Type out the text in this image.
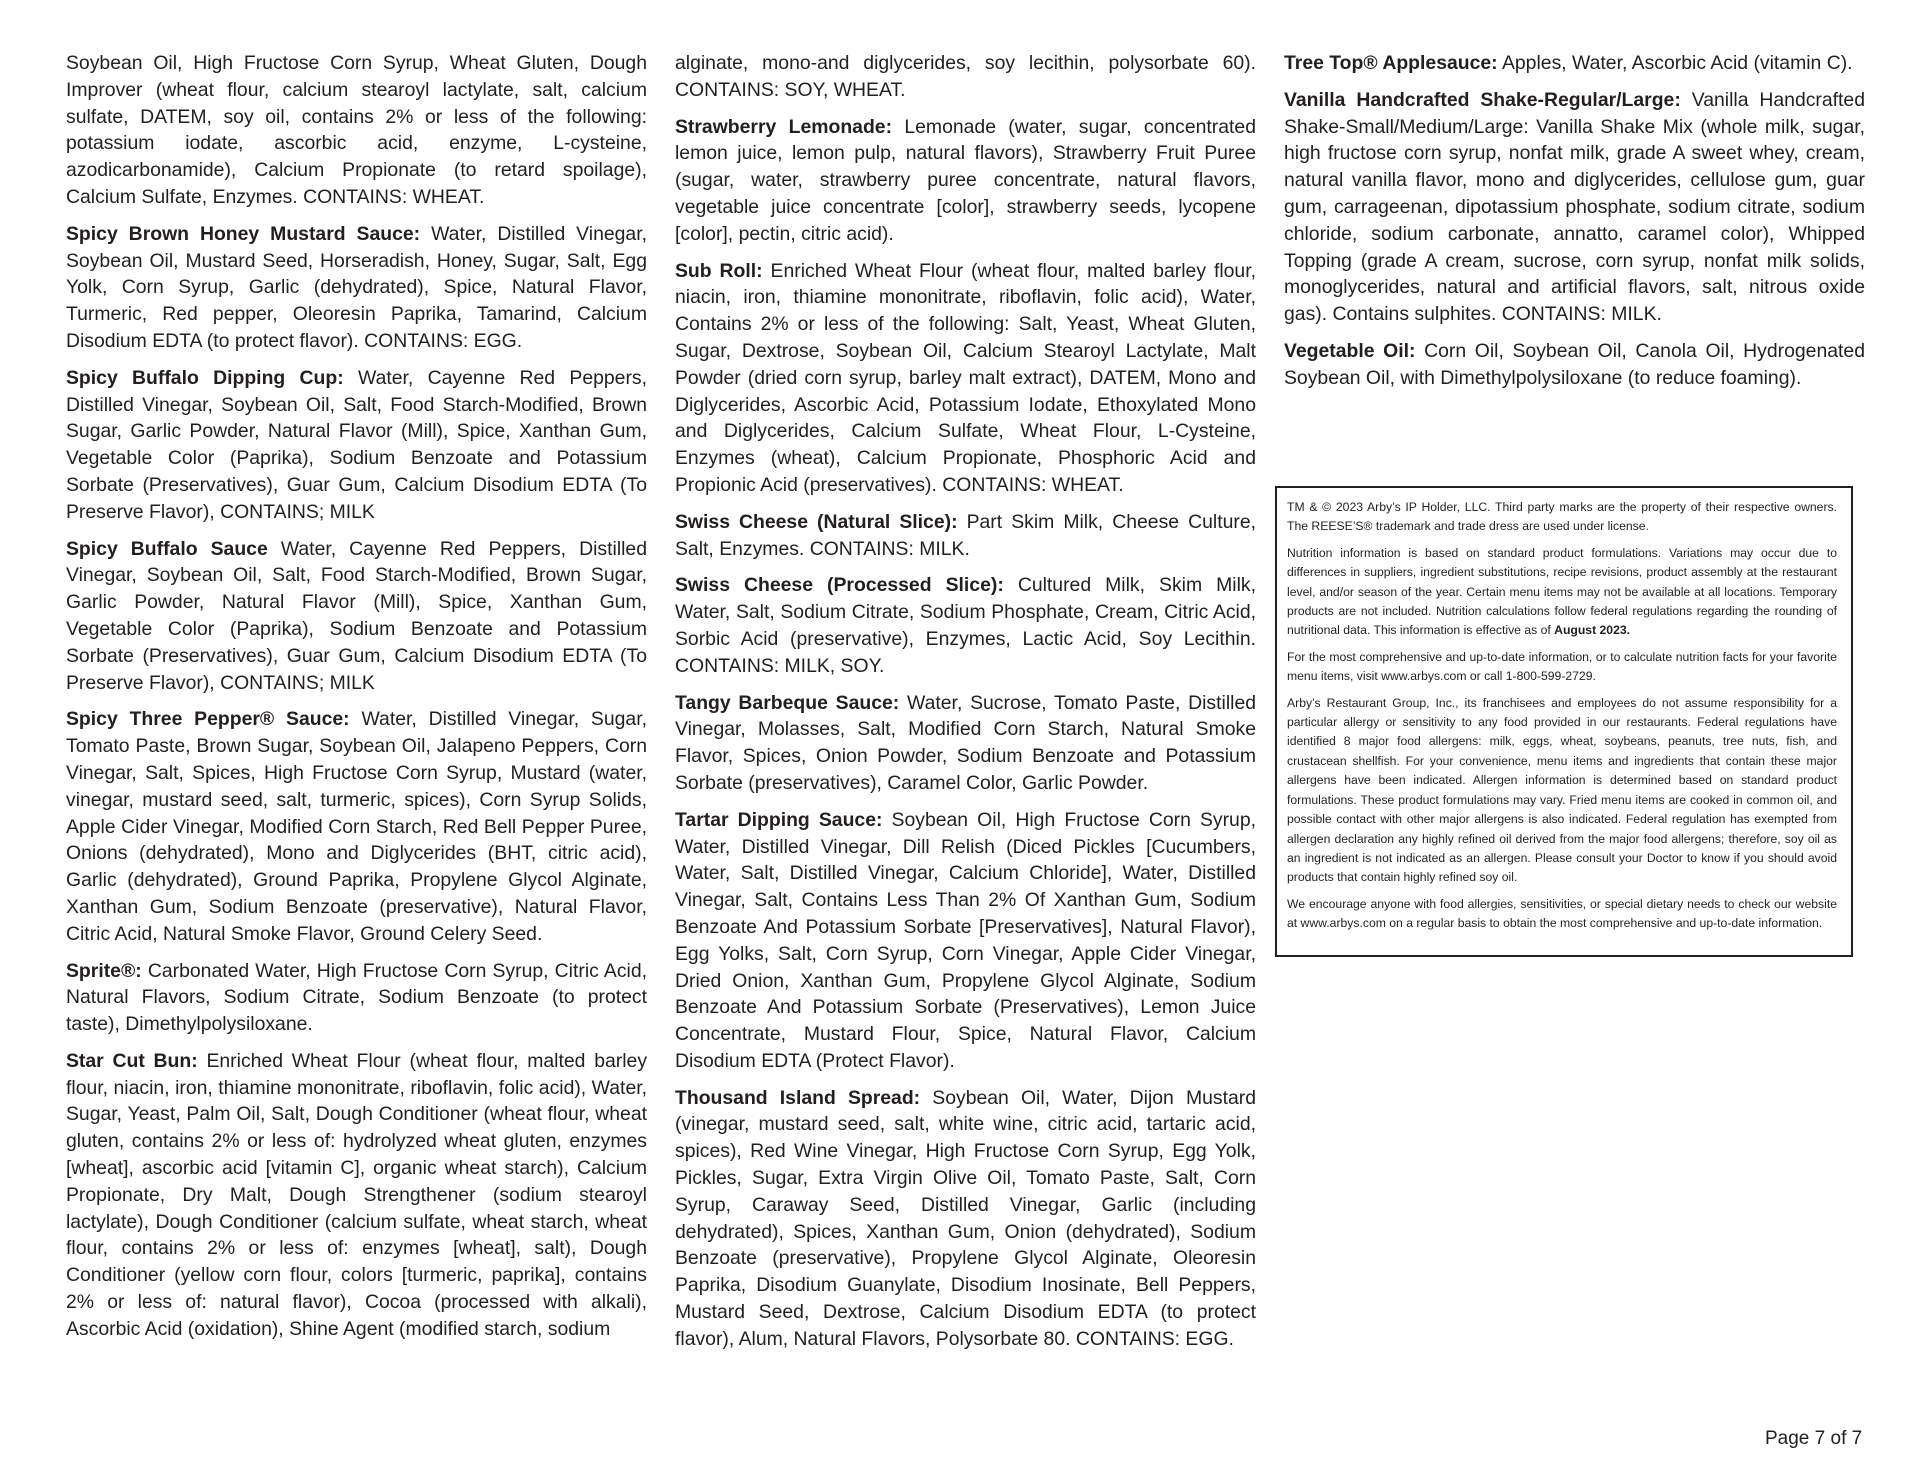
Soybean Oil, High Fructose Corn Syrup, Wheat Gluten, Dough Improver (wheat flour, calcium stearoyl lactylate, salt, calcium sulfate, DATEM, soy oil, contains 2% or less of the following: potassium iodate, ascorbic acid, enzyme, L-cysteine, azodicarbonamide), Calcium Propionate (to retard spoilage), Calcium Sulfate, Enzymes. CONTAINS: WHEAT.

Spicy Brown Honey Mustard Sauce: Water, Distilled Vinegar, Soybean Oil, Mustard Seed, Horseradish, Honey, Sugar, Salt, Egg Yolk, Corn Syrup, Garlic (dehydrated), Spice, Natural Flavor, Turmeric, Red pepper, Oleoresin Paprika, Tamarind, Calcium Disodium EDTA (to protect flavor). CONTAINS: EGG.

Spicy Buffalo Dipping Cup: Water, Cayenne Red Peppers, Distilled Vinegar, Soybean Oil, Salt, Food Starch-Modified, Brown Sugar, Garlic Powder, Natural Flavor (Mill), Spice, Xanthan Gum, Vegetable Color (Paprika), Sodium Benzoate and Potassium Sorbate (Preservatives), Guar Gum, Calcium Disodium EDTA (To Preserve Flavor), CONTAINS; MILK

Spicy Buffalo Sauce Water, Cayenne Red Peppers, Distilled Vinegar, Soybean Oil, Salt, Food Starch-Modified, Brown Sugar, Garlic Powder, Natural Flavor (Mill), Spice, Xanthan Gum, Vegetable Color (Paprika), Sodium Benzoate and Potassium Sorbate (Preservatives), Guar Gum, Calcium Disodium EDTA (To Preserve Flavor), CONTAINS; MILK

Spicy Three Pepper® Sauce: Water, Distilled Vinegar, Sugar, Tomato Paste, Brown Sugar, Soybean Oil, Jalapeno Peppers, Corn Vinegar, Salt, Spices, High Fructose Corn Syrup, Mustard (water, vinegar, mustard seed, salt, turmeric, spices), Corn Syrup Solids, Apple Cider Vinegar, Modified Corn Starch, Red Bell Pepper Puree, Onions (dehydrated), Mono and Diglycerides (BHT, citric acid), Garlic (dehydrated), Ground Paprika, Propylene Glycol Alginate, Xanthan Gum, Sodium Benzoate (preservative), Natural Flavor, Citric Acid, Natural Smoke Flavor, Ground Celery Seed.

Sprite®: Carbonated Water, High Fructose Corn Syrup, Citric Acid, Natural Flavors, Sodium Citrate, Sodium Benzoate (to protect taste), Dimethylpolysiloxane.

Star Cut Bun: Enriched Wheat Flour (wheat flour, malted barley flour, niacin, iron, thiamine mononitrate, riboflavin, folic acid), Water, Sugar, Yeast, Palm Oil, Salt, Dough Conditioner (wheat flour, wheat gluten, contains 2% or less of: hydrolyzed wheat gluten, enzymes [wheat], ascorbic acid [vitamin C], organic wheat starch), Calcium Propionate, Dry Malt, Dough Strengthener (sodium stearoyl lactylate), Dough Conditioner (calcium sulfate, wheat starch, wheat flour, contains 2% or less of: enzymes [wheat], salt), Dough Conditioner (yellow corn flour, colors [turmeric, paprika], contains 2% or less of: natural flavor), Cocoa (processed with alkali), Ascorbic Acid (oxidation), Shine Agent (modified starch, sodium

alginate, mono-and diglycerides, soy lecithin, polysorbate 60). CONTAINS: SOY, WHEAT.

Strawberry Lemonade: Lemonade (water, sugar, concentrated lemon juice, lemon pulp, natural flavors), Strawberry Fruit Puree (sugar, water, strawberry puree concentrate, natural flavors, vegetable juice concentrate [color], strawberry seeds, lycopene [color], pectin, citric acid).

Sub Roll: Enriched Wheat Flour (wheat flour, malted barley flour, niacin, iron, thiamine mononitrate, riboflavin, folic acid), Water, Contains 2% or less of the following: Salt, Yeast, Wheat Gluten, Sugar, Dextrose, Soybean Oil, Calcium Stearoyl Lactylate, Malt Powder (dried corn syrup, barley malt extract), DATEM, Mono and Diglycerides, Ascorbic Acid, Potassium Iodate, Ethoxylated Mono and Diglycerides, Calcium Sulfate, Wheat Flour, L-Cysteine, Enzymes (wheat), Calcium Propionate, Phosphoric Acid and Propionic Acid (preservatives). CONTAINS: WHEAT.

Swiss Cheese (Natural Slice): Part Skim Milk, Cheese Culture, Salt, Enzymes. CONTAINS: MILK.

Swiss Cheese (Processed Slice): Cultured Milk, Skim Milk, Water, Salt, Sodium Citrate, Sodium Phosphate, Cream, Citric Acid, Sorbic Acid (preservative), Enzymes, Lactic Acid, Soy Lecithin. CONTAINS: MILK, SOY.

Tangy Barbeque Sauce: Water, Sucrose, Tomato Paste, Distilled Vinegar, Molasses, Salt, Modified Corn Starch, Natural Smoke Flavor, Spices, Onion Powder, Sodium Benzoate and Potassium Sorbate (preservatives), Caramel Color, Garlic Powder.

Tartar Dipping Sauce: Soybean Oil, High Fructose Corn Syrup, Water, Distilled Vinegar, Dill Relish (Diced Pickles [Cucumbers, Water, Salt, Distilled Vinegar, Calcium Chloride], Water, Distilled Vinegar, Salt, Contains Less Than 2% Of Xanthan Gum, Sodium Benzoate And Potassium Sorbate [Preservatives], Natural Flavor), Egg Yolks, Salt, Corn Syrup, Corn Vinegar, Apple Cider Vinegar, Dried Onion, Xanthan Gum, Propylene Glycol Alginate, Sodium Benzoate And Potassium Sorbate (Preservatives), Lemon Juice Concentrate, Mustard Flour, Spice, Natural Flavor, Calcium Disodium EDTA (Protect Flavor).

Thousand Island Spread: Soybean Oil, Water, Dijon Mustard (vinegar, mustard seed, salt, white wine, citric acid, tartaric acid, spices), Red Wine Vinegar, High Fructose Corn Syrup, Egg Yolk, Pickles, Sugar, Extra Virgin Olive Oil, Tomato Paste, Salt, Corn Syrup, Caraway Seed, Distilled Vinegar, Garlic (including dehydrated), Spices, Xanthan Gum, Onion (dehydrated), Sodium Benzoate (preservative), Propylene Glycol Alginate, Oleoresin Paprika, Disodium Guanylate, Disodium Inosinate, Bell Peppers, Mustard Seed, Dextrose, Calcium Disodium EDTA (to protect flavor), Alum, Natural Flavors, Polysorbate 80. CONTAINS: EGG.

Tree Top® Applesauce: Apples, Water, Ascorbic Acid (vitamin C).

Vanilla Handcrafted Shake-Regular/Large: Vanilla Handcrafted Shake-Small/Medium/Large: Vanilla Shake Mix (whole milk, sugar, high fructose corn syrup, nonfat milk, grade A sweet whey, cream, natural vanilla flavor, mono and diglycerides, cellulose gum, guar gum, carrageenan, dipotassium phosphate, sodium citrate, sodium chloride, sodium carbonate, annatto, caramel color), Whipped Topping (grade A cream, sucrose, corn syrup, nonfat milk solids, monoglycerides, natural and artificial flavors, salt, nitrous oxide gas). Contains sulphites. CONTAINS: MILK.

Vegetable Oil: Corn Oil, Soybean Oil, Canola Oil, Hydrogenated Soybean Oil, with Dimethylpolysiloxane (to reduce foaming).

TM & © 2023 Arby’s IP Holder, LLC. Third party marks are the property of their respective owners. The REESE’S® trademark and trade dress are used under license.

Nutrition information is based on standard product formulations. Variations may occur due to differences in suppliers, ingredient substitutions, recipe revisions, product assembly at the restaurant level, and/or season of the year. Certain menu items may not be available at all locations. Temporary products are not included. Nutrition calculations follow federal regulations regarding the rounding of nutritional data. This information is effective as of August 2023.

For the most comprehensive and up-to-date information, or to calculate nutrition facts for your favorite menu items, visit www.arbys.com or call 1-800-599-2729.

Arby’s Restaurant Group, Inc., its franchisees and employees do not assume responsibility for a particular allergy or sensitivity to any food provided in our restaurants. Federal regulations have identified 8 major food allergens: milk, eggs, wheat, soybeans, peanuts, tree nuts, fish, and crustacean shellfish. For your convenience, menu items and ingredients that contain these major allergens have been indicated. Allergen information is determined based on standard product formulations. These product formulations may vary. Fried menu items are cooked in common oil, and possible contact with other major allergens is also indicated. Federal regulation has exempted from allergen declaration any highly refined oil derived from the major food allergens; therefore, soy oil as an ingredient is not indicated as an allergen. Please consult your Doctor to know if you should avoid products that contain highly refined soy oil.

We encourage anyone with food allergies, sensitivities, or special dietary needs to check our website at www.arbys.com on a regular basis to obtain the most comprehensive and up-to-date information.

Page 7 of 7
